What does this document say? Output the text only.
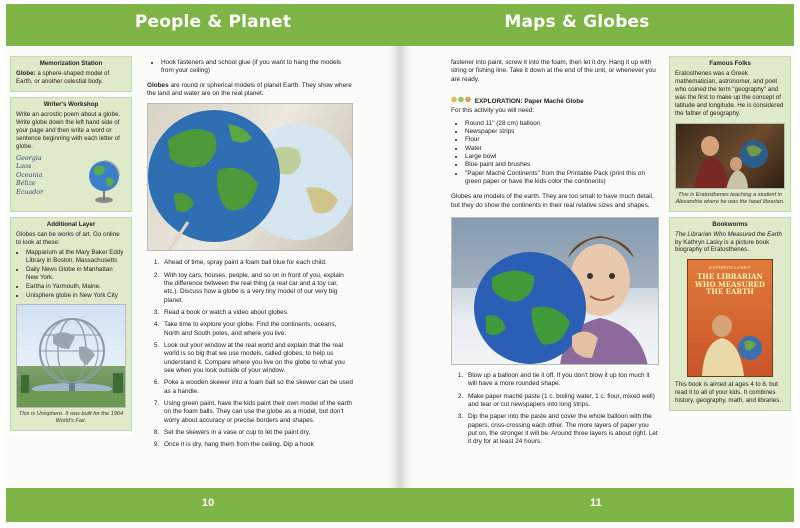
People & Planet
Memorization Station
Globe: a sphere-shaped model of Earth, or another celestial body.
Writer's Workshop
Write an acrostic poem about a globe. Write globe down the left hand side of your page and then write a word or sentence beginning with each letter of globe.
Georgia
Laos
Oceania
Belize
Ecuador
Additional Layer
Globes can be works of art. Go online to look at these:
• Mapparium at the Mary Baker Eddy Library in Boston, Massachusetts
• Daily News Globe in Manhattan New York.
• Eartha in Yarmouth, Maine.
• Unisphere globe in New York City
This is Unisphere. It was built for the 1964 World's Fair.
• Hook fasteners and school glue (if you want to hang the models from your ceiling)

Globes are round or spherical models of planet Earth. They show where the land and water are on the real planet.

1. Ahead of time, spray paint a foam ball blue for each child.
2. With toy cars, houses, people, and so on in front of you, explain the difference between the real thing (a real car and a toy car, etc.). Discuss how a globe is a very tiny model of our very big planet.
3. Read a book or watch a video about globes.
4. Take time to explore your globe. Find the continents, oceans, North and South poles, and where you live.
5. Look out your window at the real world and explain that the real world is so big that we use models, called globes, to help us understand it. Compare where you live on the globe to what you see when you look outside of your window.
6. Poke a wooden skewer into a foam ball so the skewer can be used as a handle.
7. Using green paint, have the kids paint their own model of the earth on the foam balls. They can use the globe as a model, but don't worry about accuracy or precise borders and shapes.
8. Set the skewers in a vase or cup to let the paint dry.
9. Once it is dry, hang them from the ceiling. Dip a hook
10
Maps & Globes

fastener into paint, screw it into the foam, then let it dry. Hang it up with string or fishing line. Take it down at the end of the unit, or whenever you are ready.

EXPLORATION: Paper Maché Globe

For this activity you will need:

• Round 11" (28 cm) balloon
• Newspaper strips
• Flour
• Water
• Large bowl
• Blue paint and brushes
• "Paper Maché Continents" from the Printable Pack (print this on green paper or have the kids color the continents)

Globes are models of the earth. They are too small to have much detail, but they do show the continents in their real relative sizes and shapes.

1. Blow up a balloon and tie it off. If you don't blow it up too much it will have a more rounded shape.
2. Make paper maché paste (1 c. boiling water, 1 c. flour, mixed well) and tear or cut newspapers into long strips.
3. Dip the paper into the paste and cover the whole balloon with the papers, criss-crossing each other. The more layers of paper you put on, the stronger it will be. Around three layers is about right. Let it dry for at least 24 hours.
Famous Folks
Eratosthenes was a Greek mathematician, astronomer, and poet who coined the term "geography" and was the first to make up the concept of latitude and longitude. He is considered the father of geography.
This is Eratosthenes teaching a student in Alexandria where he was the head librarian.
Bookworms
The Librarian Who Measured the Earth by Kathryn Lasky is a picture book biography of Eratosthenes.
KATHRYN LASKY
THE LIBRARIAN WHO MEASURED THE EARTH
This book is aimed at ages 4 to 8, but read it to all of your kids. It combines history, geography, math, and libraries.
11
